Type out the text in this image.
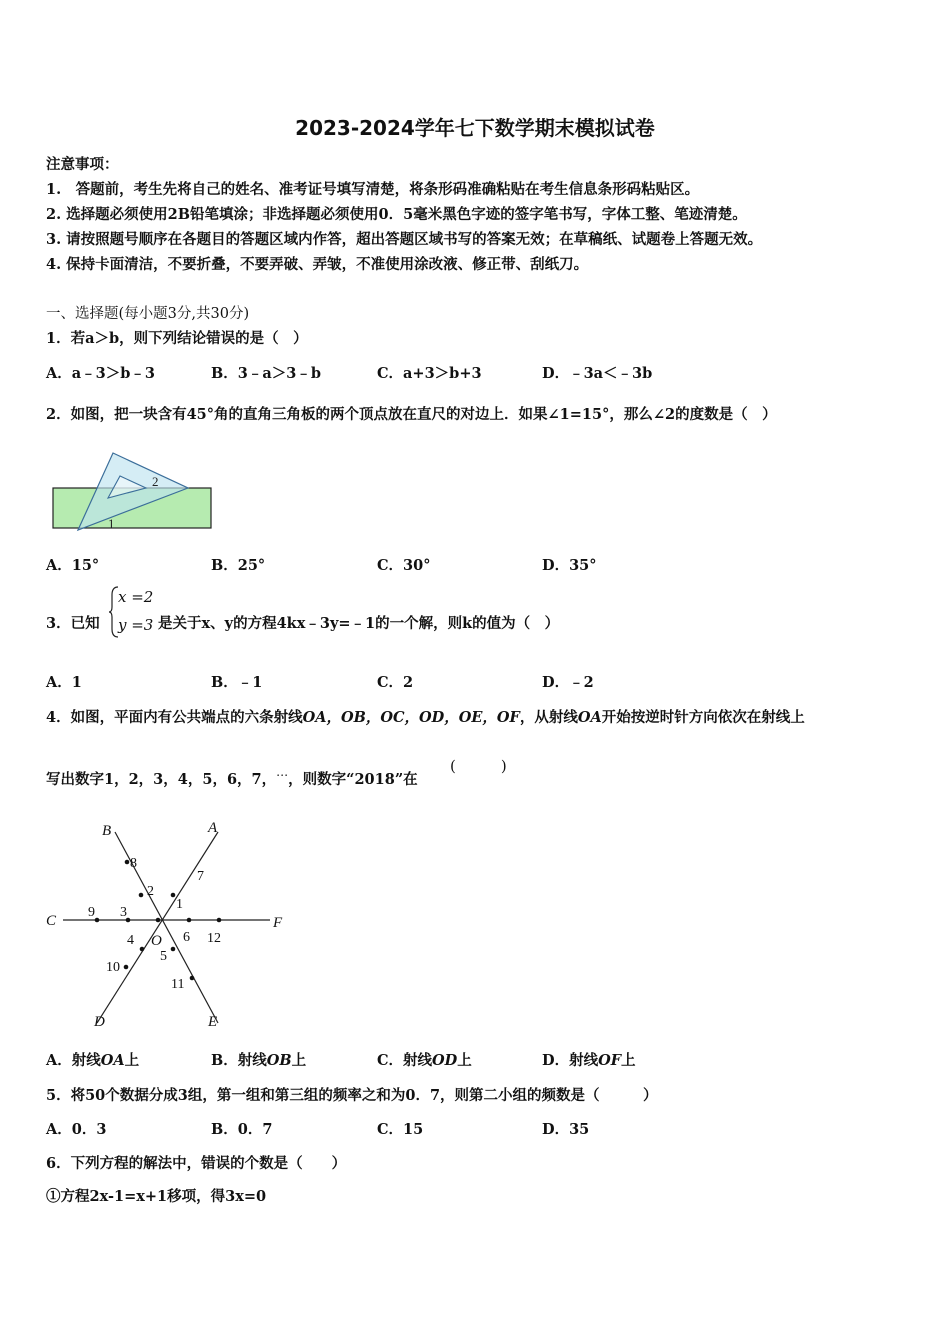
2023-2024学年七下数学期末模拟试卷
注意事项：
1.　答题前，考生先将自己的姓名、准考证号填写清楚，将条形码准确粘贴在考生信息条形码粘贴区。
2. 选择题必须使用2B铅笔填涂；非选择题必须使用0．5毫米黑色字迹的签字笔书写，字体工整、笔迹清楚。
3. 请按照题号顺序在各题目的答题区域内作答，超出答题区域书写的答案无效；在草稿纸、试题卷上答题无效。
4. 保持卡面清洁，不要折叠，不要弄破、弄皱，不准使用涂改液、修正带、刮纸刀。
一、选择题(每小题3分,共30分)
1．若a＞b，则下列结论错误的是（　）
A．a﹣3＞b﹣3	B．3﹣a＞3﹣b	C．a+3＞b+3	D．﹣3a＜﹣3b
2．如图，把一块含有45°角的直角三角板的两个顶点放在直尺的对边上．如果∠1=15°，那么∠2的度数是（　）
2
1
A．15°	B．25°	C．30°	D．35°
3．已知
x =2
y =3 是关于x、y的方程4kx﹣3y=﹣1的一个解，则k的值为（　）
A．1	B．﹣1	C．2	D．﹣2
4．如图，平面内有公共端点的六条射线OA，OB，OC，OD，OE，OF，从射线OA开始按逆时针方向依次在射线上
写出数字1，2，3，4，5，6，7，…，则数字“2018”在
(　　　)
A
B
C
D	E
F
O
1
2
3
4
5
6
7
8
9
10
11
12
A．射线OA上	B．射线OB上	C．射线OD上	D．射线OF上
5．将50个数据分成3组，第一组和第三组的频率之和为0．7，则第二小组的频数是（　　　）
A．0．3	B．0．7	C．15	D．35
6．下列方程的解法中，错误的个数是（　　）
①方程2x-1=x+1移项，得3x=0
